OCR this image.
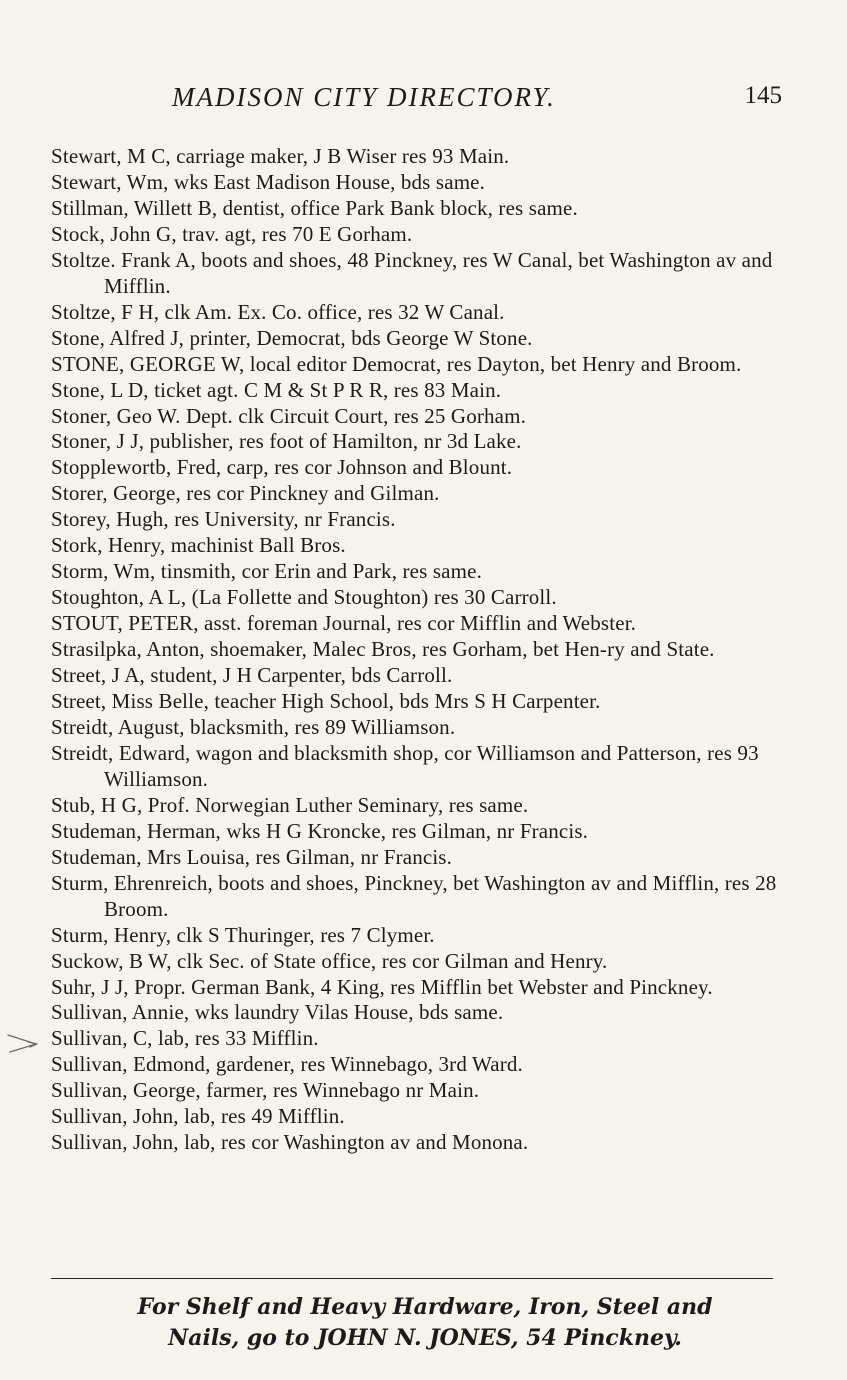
MADISON CITY DIRECTORY.	145
Stewart, M C, carriage maker, J B Wiser res 93 Main.
Stewart, Wm, wks East Madison House, bds same.
Stillman, Willett B, dentist, office Park Bank block, res same.
Stock, John G, trav. agt, res 70 E Gorham.
Stoltze. Frank A, boots and shoes, 48 Pinckney, res W Canal, bet Washington av and Mifflin.
Stoltze, F H, clk Am. Ex. Co. office, res 32 W Canal.
Stone, Alfred J, printer, Democrat, bds George W Stone.
STONE, GEORGE W, local editor Democrat, res Dayton, bet Henry and Broom.
Stone, L D, ticket agt. C M & St P R R, res 83 Main.
Stoner, Geo W. Dept. clk Circuit Court, res 25 Gorham.
Stoner, J J, publisher, res foot of Hamilton, nr 3d Lake.
Stopplewortb, Fred, carp, res cor Johnson and Blount.
Storer, George, res cor Pinckney and Gilman.
Storey, Hugh, res University, nr Francis.
Stork, Henry, machinist Ball Bros.
Storm, Wm, tinsmith, cor Erin and Park, res same.
Stoughton, A L, (La Follette and Stoughton) res 30 Carroll.
STOUT, PETER, asst. foreman Journal, res cor Mifflin and Webster.
Strasilpka, Anton, shoemaker, Malec Bros, res Gorham, bet Hen-ry and State.
Street, J A, student, J H Carpenter, bds Carroll.
Street, Miss Belle, teacher High School, bds Mrs S H Carpenter.
Streidt, August, blacksmith, res 89 Williamson.
Streidt, Edward, wagon and blacksmith shop, cor Williamson and Patterson, res 93 Williamson.
Stub, H G, Prof. Norwegian Luther Seminary, res same.
Studeman, Herman, wks H G Kroncke, res Gilman, nr Francis.
Studeman, Mrs Louisa, res Gilman, nr Francis.
Sturm, Ehrenreich, boots and shoes, Pinckney, bet Washington av and Mifflin, res 28 Broom.
Sturm, Henry, clk S Thuringer, res 7 Clymer.
Suckow, B W, clk Sec. of State office, res cor Gilman and Henry.
Suhr, J J, Propr. German Bank, 4 King, res Mifflin bet Webster and Pinckney.
Sullivan, Annie, wks laundry Vilas House, bds same.
Sullivan, C, lab, res 33 Mifflin.
Sullivan, Edmond, gardener, res Winnebago, 3rd Ward.
Sullivan, George, farmer, res Winnebago nr Main.
Sullivan, John, lab, res 49 Mifflin.
Sullivan, John, lab, res cor Washington av and Monona.
For Shelf and Heavy Hardware, Iron, Steel and
Nails, go to JOHN N. JONES, 54 Pinckney.
